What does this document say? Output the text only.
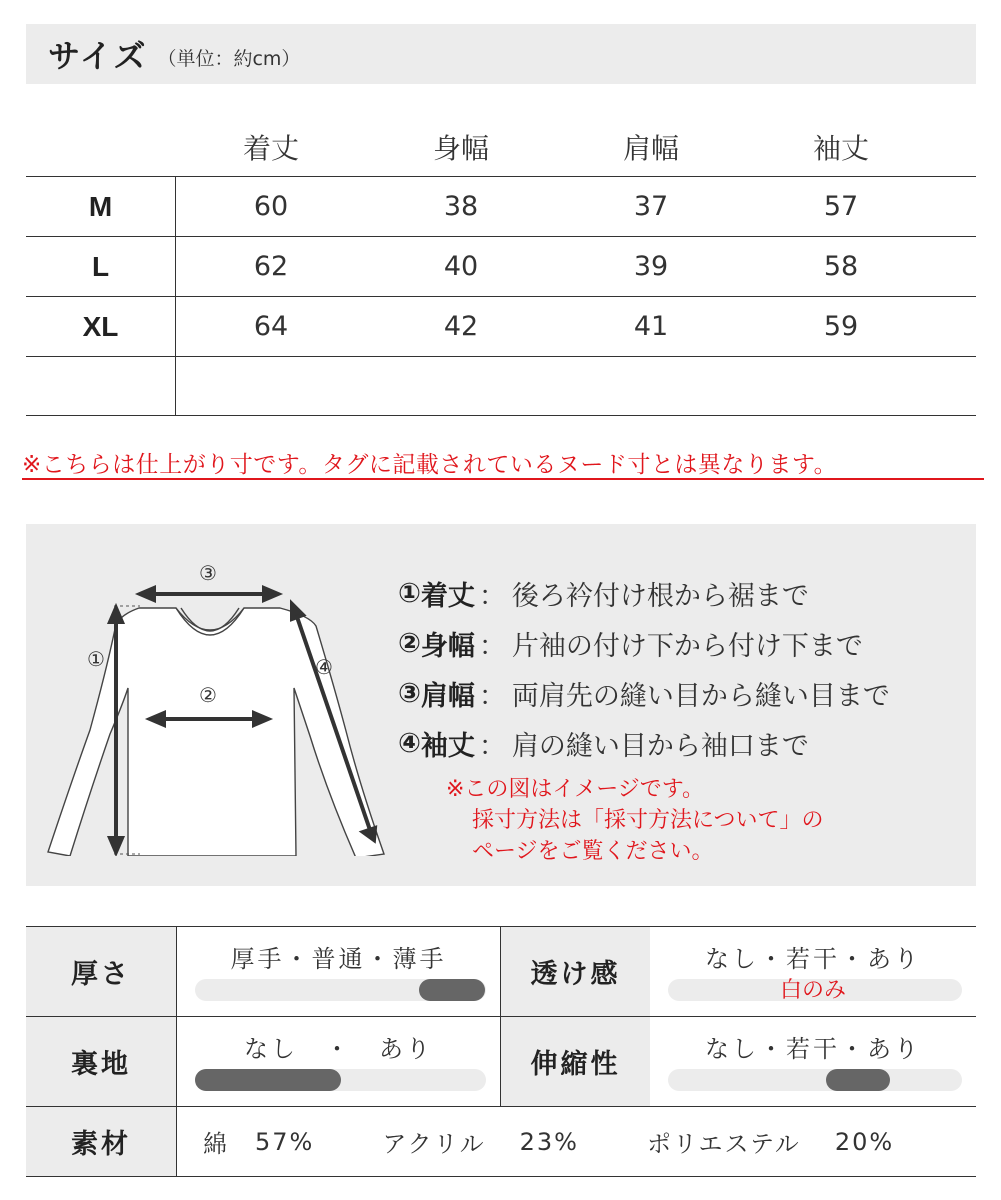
サイズ （単位：約cm）
着丈	身幅	肩幅	袖丈
M	60	38	37	57
L	62	40	39	58
XL	64	42	41	59
※こちらは仕上がり寸です。タグに記載されているヌード寸とは異なります。
③
①
②
④
① 着丈 ： 後ろ衿付け根から裾まで
② 身幅 ： 片袖の付け下から付け下まで
③ 肩幅 ： 両肩先の縫い目から縫い目まで
④ 袖丈 ： 肩の縫い目から袖口まで
※この図はイメージです。
採寸方法は「採寸方法について」の
ページをご覧ください。
厚さ	厚手・普通・薄手	透け感	なし・若干・あり
白のみ
裏地	なし　・　あり	伸縮性	なし・若干・あり
素材	綿 57%	アクリル 23%	ポリエステル 20%
